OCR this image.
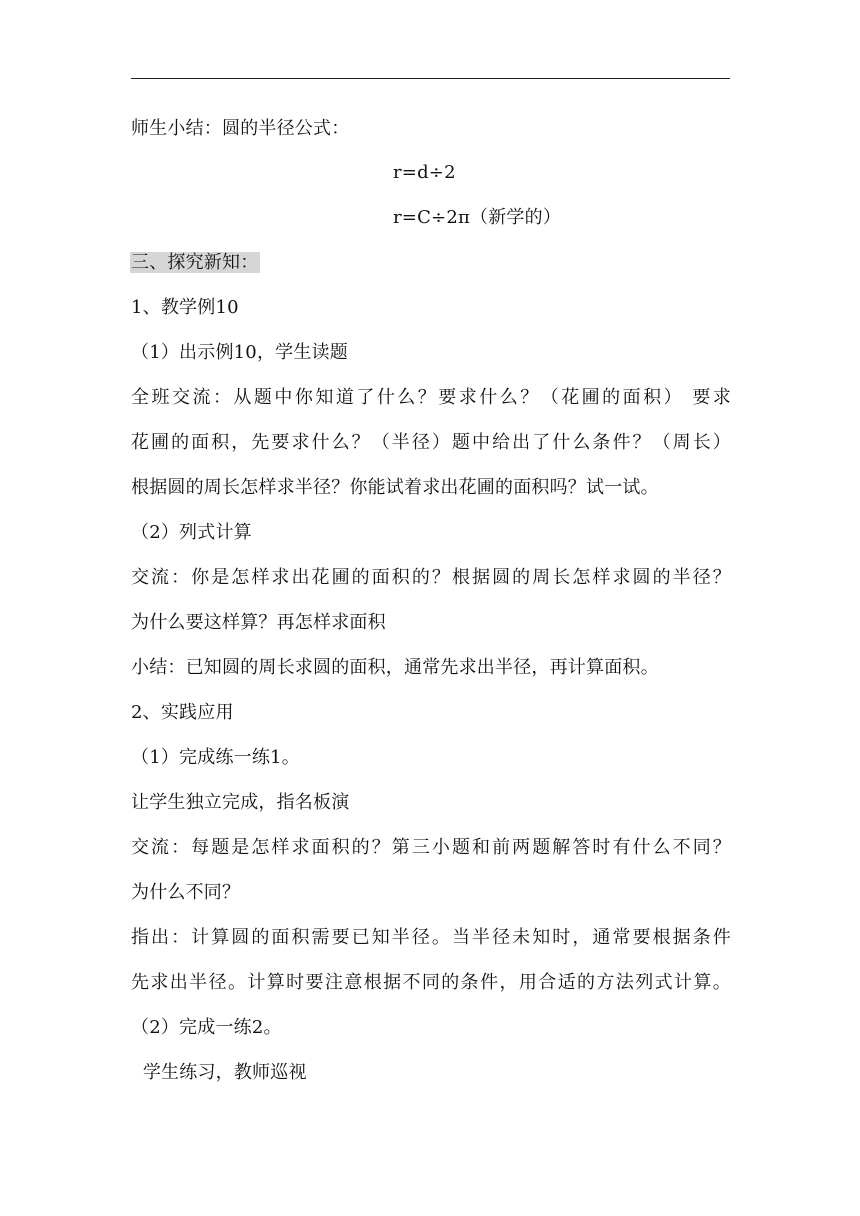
师生小结：圆的半径公式：
r=d÷2
r=C÷2π（新学的）
三、探究新知：
1、教学例10
（1）出示例10，学生读题
全班交流：从题中你知道了什么？要求什么？（花圃的面积） 要求
花圃的面积，先要求什么？（半径）题中给出了什么条件？（周长）
根据圆的周长怎样求半径？你能试着求出花圃的面积吗？试一试。
（2）列式计算
交流：你是怎样求出花圃的面积的？根据圆的周长怎样求圆的半径？
为什么要这样算？再怎样求面积
小结：已知圆的周长求圆的面积，通常先求出半径，再计算面积。
2、实践应用
（1）完成练一练1。
让学生独立完成，指名板演
交流：每题是怎样求面积的？第三小题和前两题解答时有什么不同？
为什么不同？
指出：计算圆的面积需要已知半径。当半径未知时，通常要根据条件
先求出半径。计算时要注意根据不同的条件，用合适的方法列式计算。
（2）完成一练2。
学生练习，教师巡视
